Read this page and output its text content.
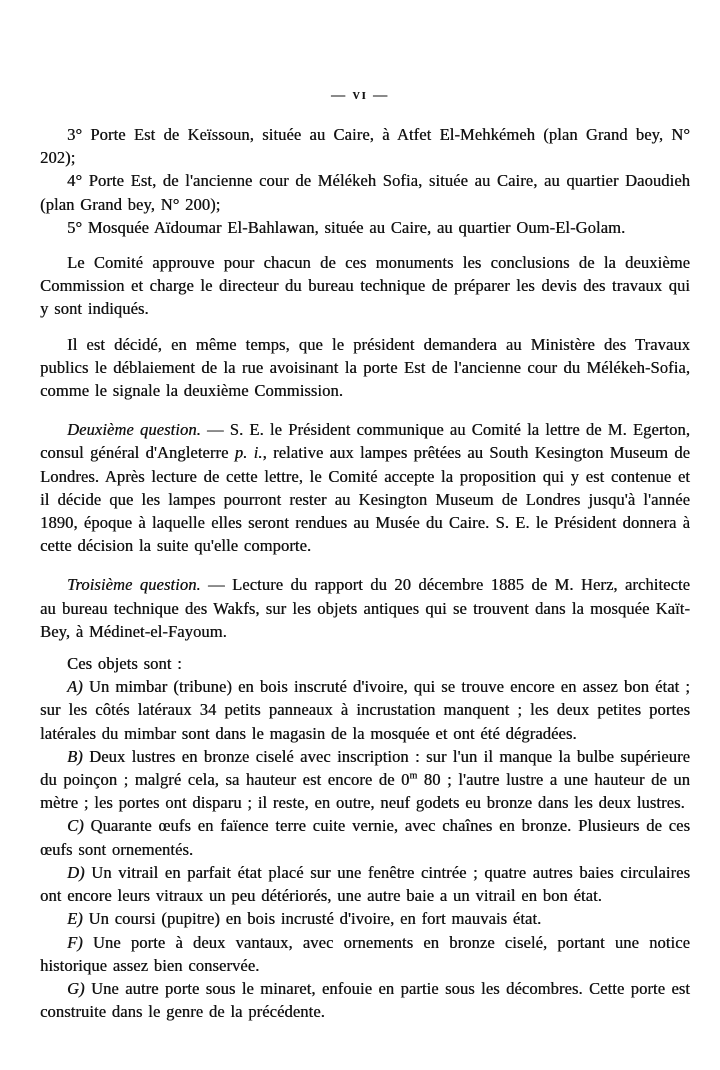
— vi —

3° Porte Est de Keïssoun, située au Caire, à Atfet El-Mehkémeh (plan Grand bey, N° 202);

4° Porte Est, de l'ancienne cour de Mélékeh Sofia, située au Caire, au quartier Daoudieh (plan Grand bey, N° 200);

5° Mosquée Aïdoumar El-Bahlawan, située au Caire, au quartier Oum-El-Golam.

Le Comité approuve pour chacun de ces monuments les conclusions de la deuxième Commission et charge le directeur du bureau technique de préparer les devis des travaux qui y sont indiqués.

Il est décidé, en même temps, que le président demandera au Ministère des Travaux publics le déblaiement de la rue avoisinant la porte Est de l'ancienne cour du Mélékeh-Sofia, comme le signale la deuxième Commission.

Deuxième question. — S. E. le Président communique au Comité la lettre de M. Egerton, consul général d'Angleterre p. i., relative aux lampes prêtées au South Kesington Museum de Londres. Après lecture de cette lettre, le Comité accepte la proposition qui y est contenue et il décide que les lampes pourront rester au Kesington Museum de Londres jusqu'à l'année 1890, époque à laquelle elles seront rendues au Musée du Caire. S. E. le Président donnera à cette décision la suite qu'elle comporte.

Troisième question. — Lecture du rapport du 20 décembre 1885 de M. Herz, architecte au bureau technique des Wakfs, sur les objets antiques qui se trouvent dans la mosquée Kaït-Bey, à Médinet-el-Fayoum.

Ces objets sont :

A) Un mimbar (tribune) en bois inscruté d'ivoire, qui se trouve encore en assez bon état ; sur les côtés latéraux 34 petits panneaux à incrustation manquent ; les deux petites portes latérales du mimbar sont dans le magasin de la mosquée et ont été dégradées.

B) Deux lustres en bronze ciselé avec inscription : sur l'un il manque la bulbe supérieure du poinçon ; malgré cela, sa hauteur est encore de 0$^m$ 80 ; l'autre lustre a une hauteur de un mètre ; les portes ont disparu ; il reste, en outre, neuf godets eu bronze dans les deux lustres.

C) Quarante œufs en faïence terre cuite vernie, avec chaînes en bronze. Plusieurs de ces œufs sont ornementés.

D) Un vitrail en parfait état placé sur une fenêtre cintrée ; quatre autres baies circulaires ont encore leurs vitraux un peu détériorés, une autre baie a un vitrail en bon état.

E) Un coursi (pupitre) en bois incrusté d'ivoire, en fort mauvais état.

F) Une porte à deux vantaux, avec ornements en bronze ciselé, portant une notice historique assez bien conservée.

G) Une autre porte sous le minaret, enfouie en partie sous les décombres. Cette porte est construite dans le genre de la précédente.
